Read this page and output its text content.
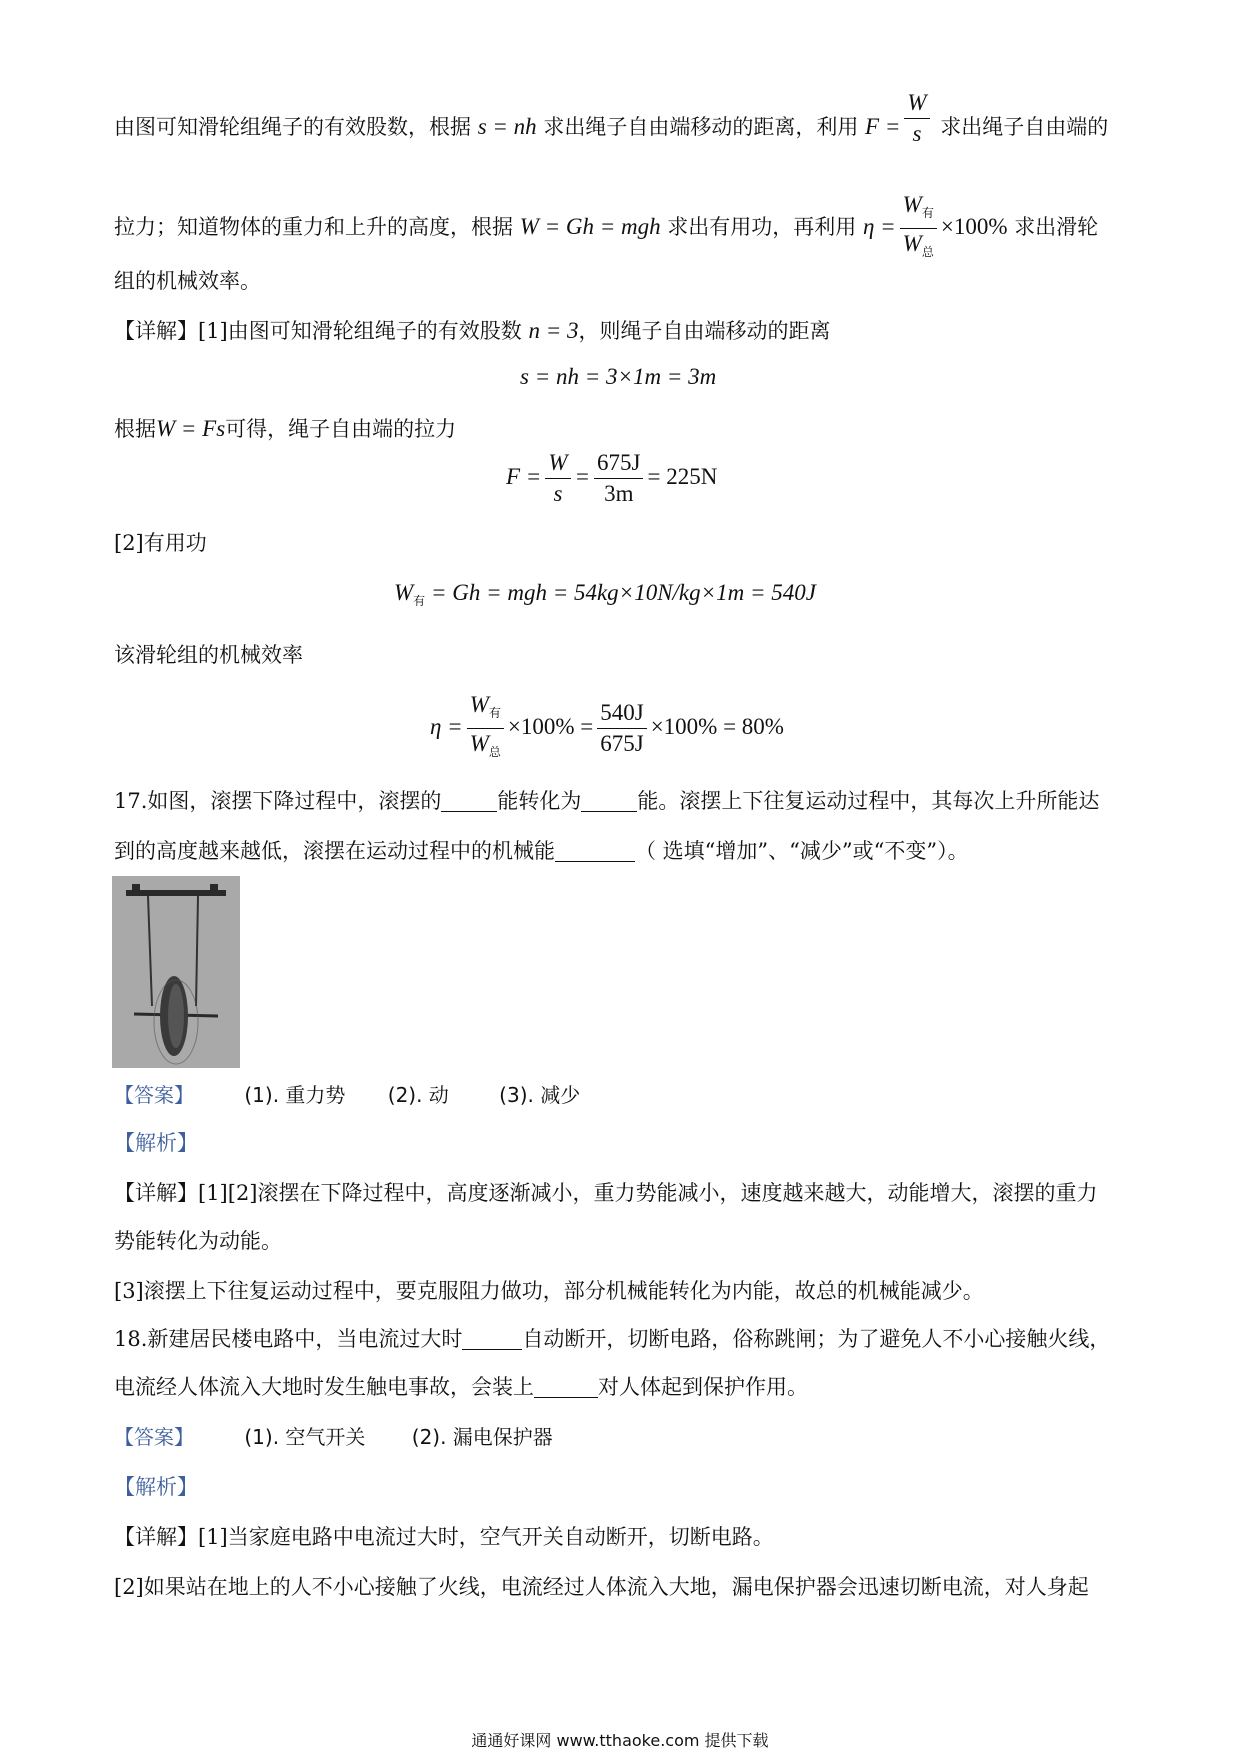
由图可知滑轮组绳子的有效股数，根据 s = nh 求出绳子自由端移动的距离，利用 $F = \frac{W}{s}$ 求出绳子自由端的
拉力；知道物体的重力和上升的高度，根据 W = Gh = mgh 求出有用功，再利用 $\eta = \frac{W_有}{W_总} \times 100\%$ 求出滑轮
组的机械效率。
【详解】[1]由图可知滑轮组绳子的有效股数 n = 3，则绳子自由端移动的距离
s = nh = 3×1m = 3m
根据W = Fs可得，绳子自由端的拉力
$F = \frac{W}{s} = \frac{675J}{3m} = 225N$
[2]有用功
$W_有 = Gh$ = mgh = 54kg×10N/kg×1m = 540J
该滑轮组的机械效率
$\eta = \frac{W_有}{W_总} \times 100\% = \frac{540J}{675J} \times 100\% = 80\%$
17.如图，滚摆下降过程中，滚摆的	能转化为	能。滚摆上下往复运动过程中，其每次上升所能达
到的高度越来越低，滚摆在运动过程中的机械能	（ 选填“增加”、“减少”或“不变”）。
【答案】	(1). 重力势 (2). 动	(3). 减少
【解析】
【详解】[1][2]滚摆在下降过程中，高度逐渐减小，重力势能减小，速度越来越大，动能增大，滚摆的重力
势能转化为动能。
[3]滚摆上下往复运动过程中，要克服阻力做功，部分机械能转化为内能，故总的机械能减少。
18.新建居民楼电路中，当电流过大时	自动断开，切断电路，俗称跳闸；为了避免人不小心接触火线，
电流经人体流入大地时发生触电事故，会装上	对人体起到保护作用。
【答案】	(1). 空气开关 (2). 漏电保护器
【解析】
【详解】[1]当家庭电路中电流过大时，空气开关自动断开，切断电路。
[2]如果站在地上的人不小心接触了火线，电流经过人体流入大地，漏电保护器会迅速切断电流，对人身起
通通好课网 www.tthaoke.com 提供下载
